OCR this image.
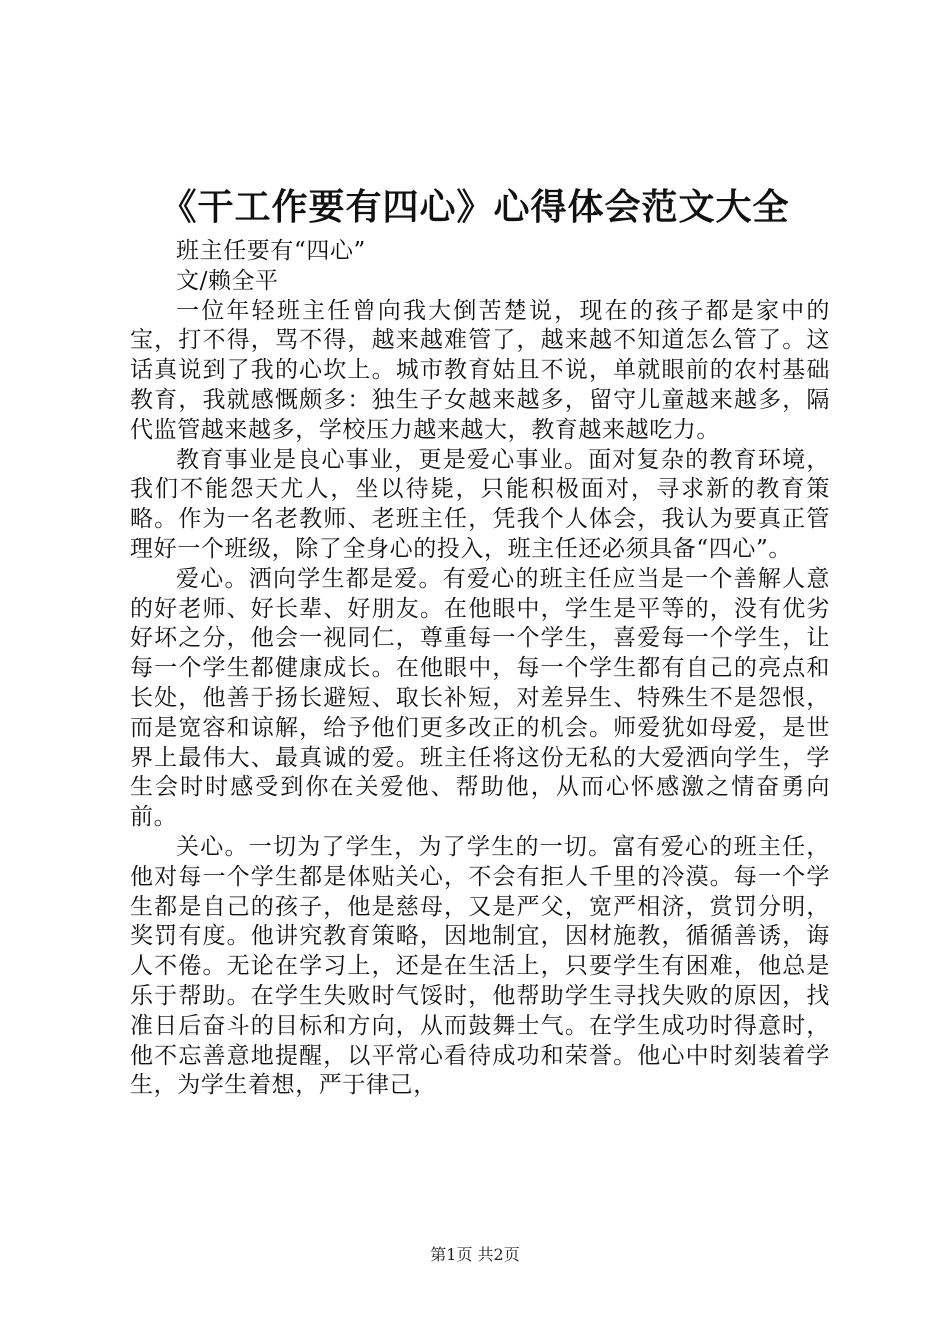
《干工作要有四心》心得体会范文大全

班主任要有“四心”

文/赖全平

一位年轻班主任曾向我大倒苦楚说，现在的孩子都是家中的宝，打不得，骂不得，越来越难管了，越来越不知道怎么管了。这话真说到了我的心坎上。城市教育姑且不说，单就眼前的农村基础教育，我就感慨颇多：独生子女越来越多，留守儿童越来越多，隔代监管越来越多，学校压力越来越大，教育越来越吃力。

教育事业是良心事业，更是爱心事业。面对复杂的教育环境，我们不能怨天尤人，坐以待毙，只能积极面对，寻求新的教育策略。作为一名老教师、老班主任，凭我个人体会，我认为要真正管理好一个班级，除了全身心的投入，班主任还必须具备“四心”。

爱心。洒向学生都是爱。有爱心的班主任应当是一个善解人意的好老师、好长辈、好朋友。在他眼中，学生是平等的，没有优劣好坏之分，他会一视同仁，尊重每一个学生，喜爱每一个学生，让每一个学生都健康成长。在他眼中，每一个学生都有自己的亮点和长处，他善于扬长避短、取长补短，对差异生、特殊生不是怨恨，而是宽容和谅解，给予他们更多改正的机会。师爱犹如母爱，是世界上最伟大、最真诚的爱。班主任将这份无私的大爱洒向学生，学生会时时感受到你在关爱他、帮助他，从而心怀感激之情奋勇向前。

关心。一切为了学生，为了学生的一切。富有爱心的班主任，他对每一个学生都是体贴关心，不会有拒人千里的冷漠。每一个学生都是自己的孩子，他是慈母，又是严父，宽严相济，赏罚分明，奖罚有度。他讲究教育策略，因地制宜，因材施教，循循善诱，诲人不倦。无论在学习上，还是在生活上，只要学生有困难，他总是乐于帮助。在学生失败时气馁时，他帮助学生寻找失败的原因，找准日后奋斗的目标和方向，从而鼓舞士气。在学生成功时得意时，他不忘善意地提醒，以平常心看待成功和荣誉。他心中时刻装着学生，为学生着想，严于律己，

第1页 共2页
